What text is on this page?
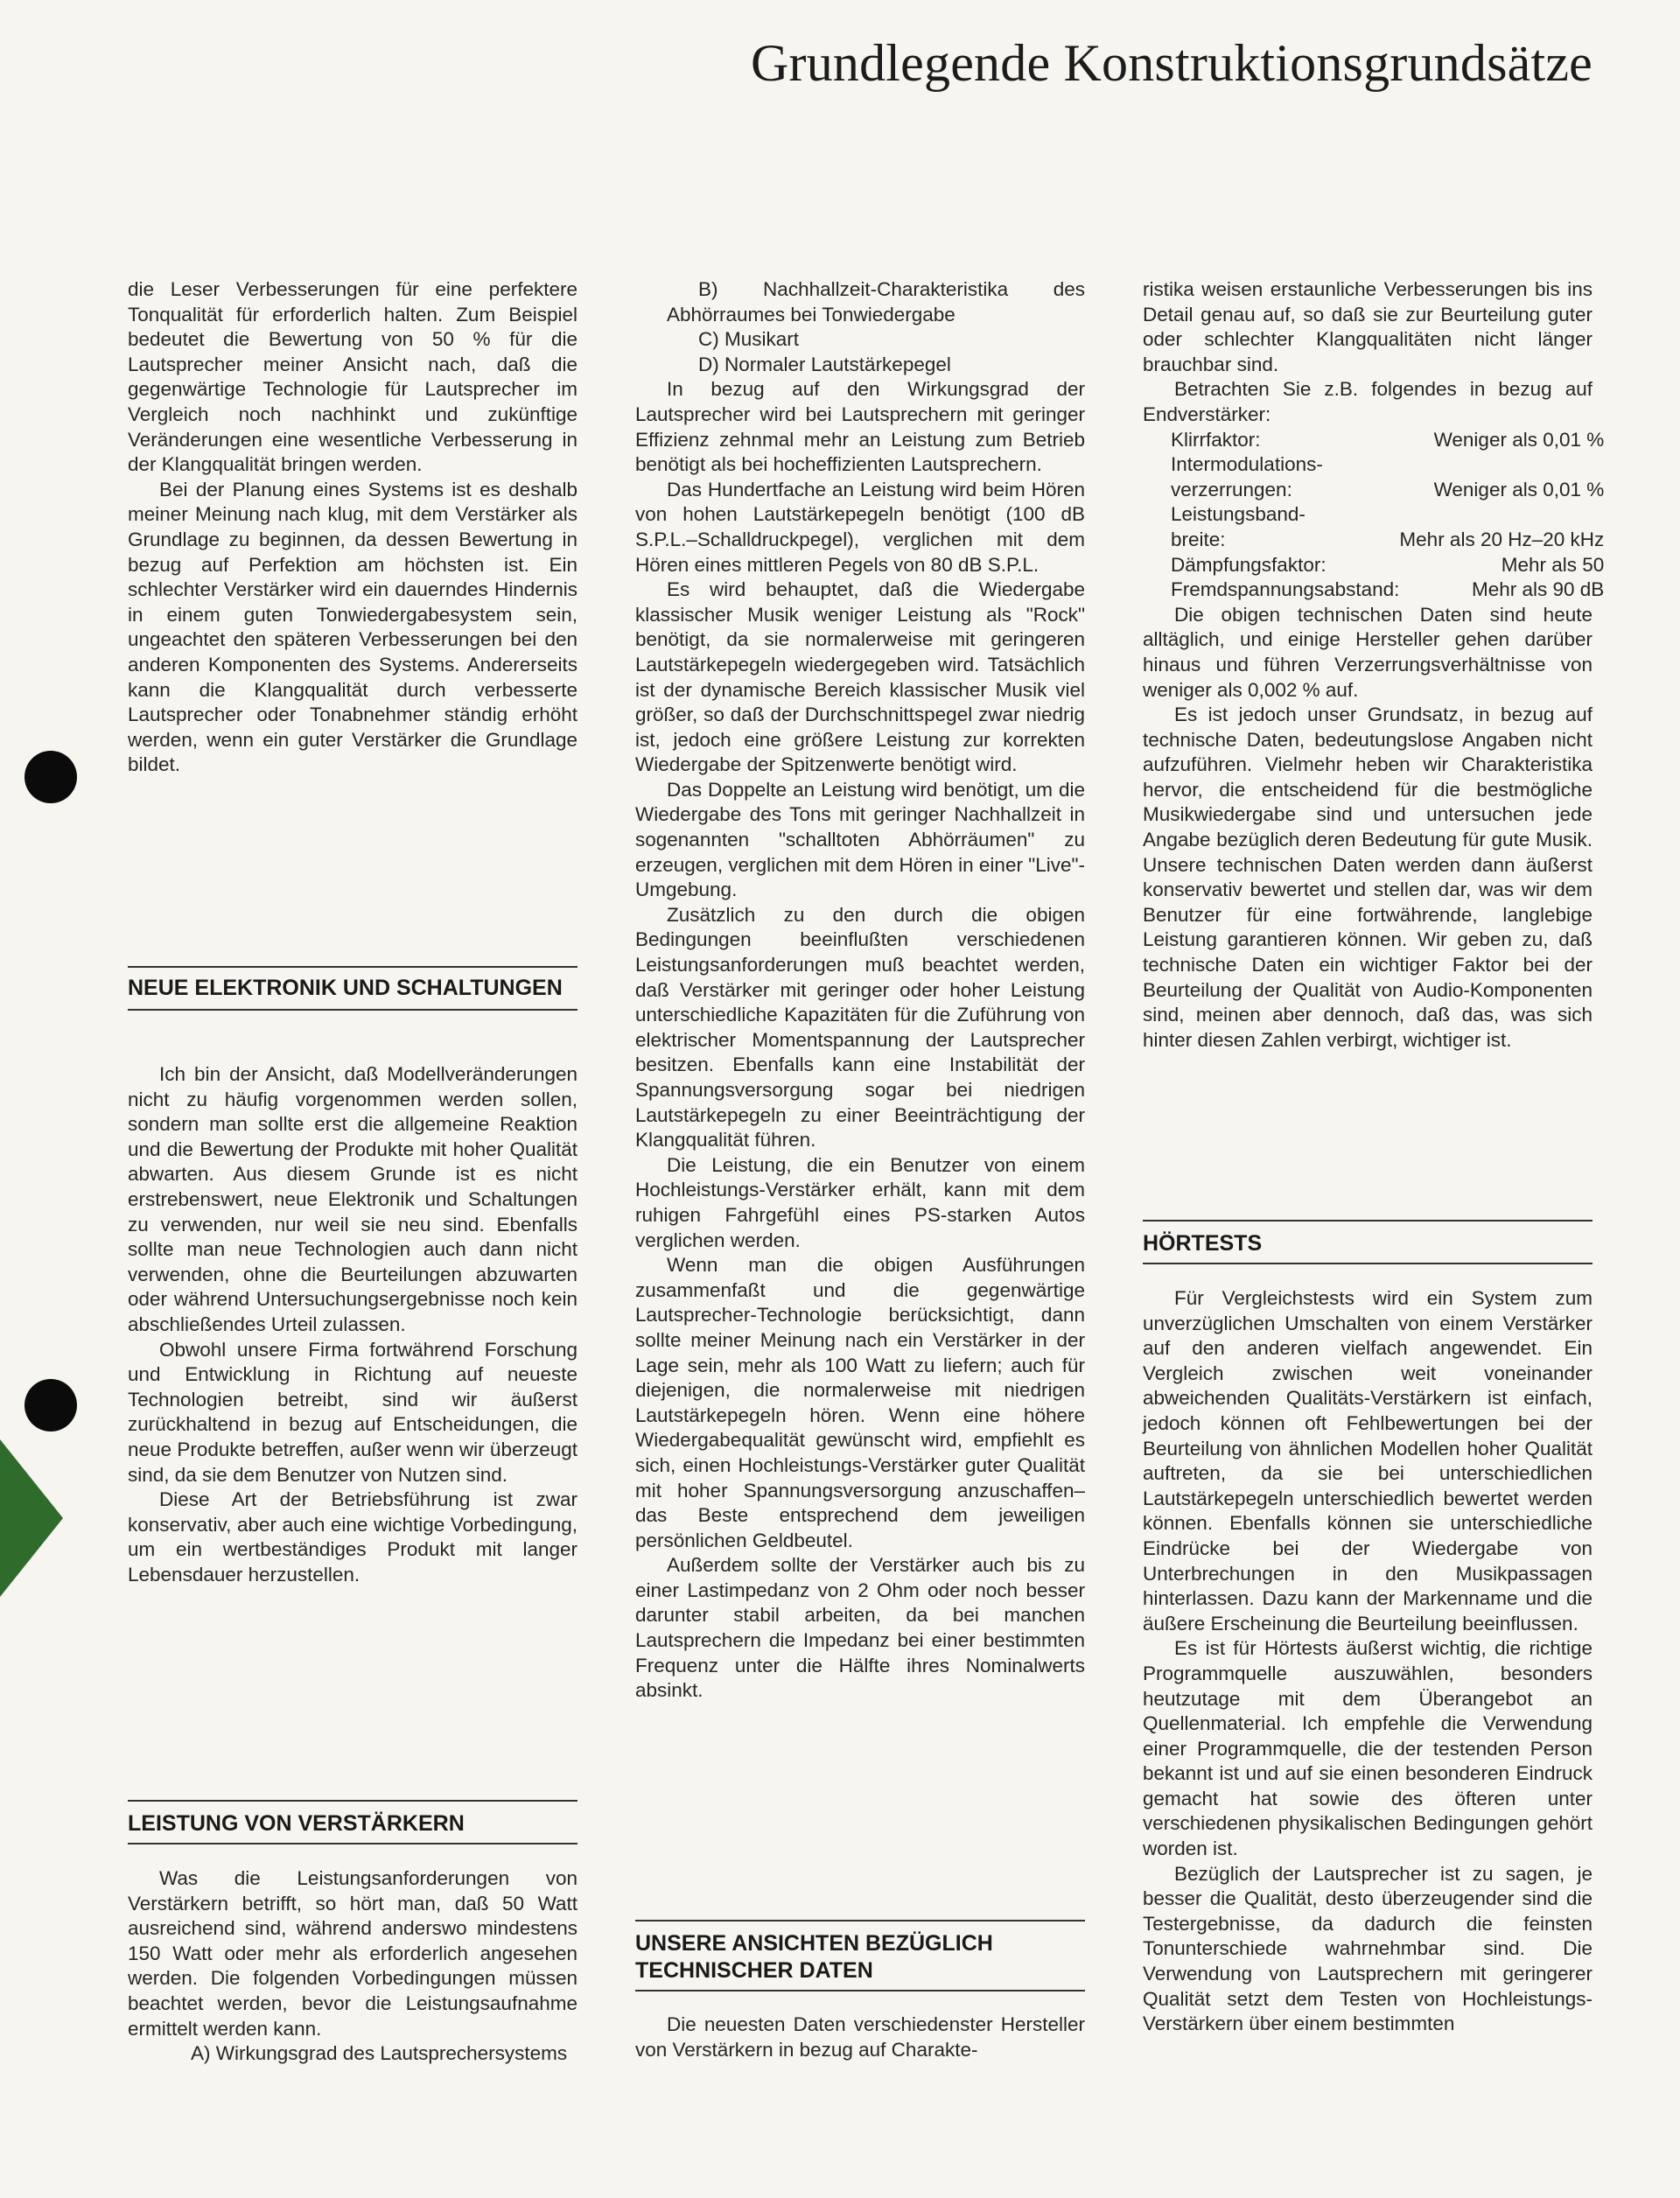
Grundlegende Konstruktionsgrundsätze

die Leser Verbesserungen für eine perfektere Tonqualität für erforderlich halten. Zum Beispiel bedeutet die Bewertung von 50 % für die Lautsprecher meiner Ansicht nach, daß die gegenwärtige Technologie für Lautsprecher im Vergleich noch nachhinkt und zukünftige Veränderungen eine wesentliche Verbesserung in der Klangqualität bringen werden.

Bei der Planung eines Systems ist es deshalb meiner Meinung nach klug, mit dem Verstärker als Grundlage zu beginnen, da dessen Bewertung in bezug auf Perfektion am höchsten ist. Ein schlechter Verstärker wird ein dauerndes Hindernis in einem guten Tonwiedergabesystem sein, ungeachtet den späteren Verbesserungen bei den anderen Komponenten des Systems. Andererseits kann die Klangqualität durch verbesserte Lautsprecher oder Tonabnehmer ständig erhöht werden, wenn ein guter Verstärker die Grundlage bildet.

NEUE ELEKTRONIK UND SCHALTUNGEN

Ich bin der Ansicht, daß Modellveränderungen nicht zu häufig vorgenommen werden sollen, sondern man sollte erst die allgemeine Reaktion und die Bewertung der Produkte mit hoher Qualität abwarten. Aus diesem Grunde ist es nicht erstrebenswert, neue Elektronik und Schaltungen zu verwenden, nur weil sie neu sind. Ebenfalls sollte man neue Technologien auch dann nicht verwenden, ohne die Beurteilungen abzuwarten oder während Untersuchungsergebnisse noch kein abschließendes Urteil zulassen.

Obwohl unsere Firma fortwährend Forschung und Entwicklung in Richtung auf neueste Technologien betreibt, sind wir äußerst zurückhaltend in bezug auf Entscheidungen, die neue Produkte betreffen, außer wenn wir überzeugt sind, da sie dem Benutzer von Nutzen sind.

Diese Art der Betriebsführung ist zwar konservativ, aber auch eine wichtige Vorbedingung, um ein wertbeständiges Produkt mit langer Lebensdauer herzustellen.

LEISTUNG VON VERSTÄRKERN

Was die Leistungsanforderungen von Verstärkern betrifft, so hört man, daß 50 Watt ausreichend sind, während anderswo mindestens 150 Watt oder mehr als erforderlich angesehen werden. Die folgenden Vorbedingungen müssen beachtet werden, bevor die Leistungsaufnahme ermittelt werden kann.

A) Wirkungsgrad des Lautsprechersystems

B) Nachhallzeit-Charakteristika des Abhörraumes bei Tonwiedergabe

C) Musikart

D) Normaler Lautstärkepegel

In bezug auf den Wirkungsgrad der Lautsprecher wird bei Lautsprechern mit geringer Effizienz zehnmal mehr an Leistung zum Betrieb benötigt als bei hocheffizienten Lautsprechern.

Das Hundertfache an Leistung wird beim Hören von hohen Lautstärkepegeln benötigt (100 dB S.P.L.–Schalldruckpegel), verglichen mit dem Hören eines mittleren Pegels von 80 dB S.P.L.

Es wird behauptet, daß die Wiedergabe klassischer Musik weniger Leistung als "Rock" benötigt, da sie normalerweise mit geringeren Lautstärkepegeln wiedergegeben wird. Tatsächlich ist der dynamische Bereich klassischer Musik viel größer, so daß der Durchschnittspegel zwar niedrig ist, jedoch eine größere Leistung zur korrekten Wiedergabe der Spitzenwerte benötigt wird.

Das Doppelte an Leistung wird benötigt, um die Wiedergabe des Tons mit geringer Nachhallzeit in sogenannten "schalltoten Abhörräumen" zu erzeugen, verglichen mit dem Hören in einer "Live"-Umgebung.

Zusätzlich zu den durch die obigen Bedingungen beeinflußten verschiedenen Leistungsanforderungen muß beachtet werden, daß Verstärker mit geringer oder hoher Leistung unterschiedliche Kapazitäten für die Zuführung von elektrischer Momentspannung der Lautsprecher besitzen. Ebenfalls kann eine Instabilität der Spannungsversorgung sogar bei niedrigen Lautstärkepegeln zu einer Beeinträchtigung der Klangqualität führen.

Die Leistung, die ein Benutzer von einem Hochleistungs-Verstärker erhält, kann mit dem ruhigen Fahrgefühl eines PS-starken Autos verglichen werden.

Wenn man die obigen Ausführungen zusammenfaßt und die gegenwärtige Lautsprecher-Technologie berücksichtigt, dann sollte meiner Meinung nach ein Verstärker in der Lage sein, mehr als 100 Watt zu liefern; auch für diejenigen, die normalerweise mit niedrigen Lautstärkepegeln hören. Wenn eine höhere Wiedergabequalität gewünscht wird, empfiehlt es sich, einen Hochleistungs-Verstärker guter Qualität mit hoher Spannungsversorgung anzuschaffen–das Beste entsprechend dem jeweiligen persönlichen Geldbeutel.

Außerdem sollte der Verstärker auch bis zu einer Lastimpedanz von 2 Ohm oder noch besser darunter stabil arbeiten, da bei manchen Lautsprechern die Impedanz bei einer bestimmten Frequenz unter die Hälfte ihres Nominalwerts absinkt.

UNSERE ANSICHTEN BEZÜGLICH TECHNISCHER DATEN

Die neuesten Daten verschiedenster Hersteller von Verstärkern in bezug auf Charakte-

ristika weisen erstaunliche Verbesserungen bis ins Detail genau auf, so daß sie zur Beurteilung guter oder schlechter Klangqualitäten nicht länger brauchbar sind.

Betrachten Sie z.B. folgendes in bezug auf Endverstärker:

Klirrfaktor:	Weniger als 0,01 %
Intermodulations-	
verzerrungen:	Weniger als 0,01 %
Leistungsband-	
breite:	Mehr als 20 Hz–20 kHz
Dämpfungsfaktor:	Mehr als 50
Fremdspannungsabstand:	Mehr als 90 dB

Die obigen technischen Daten sind heute alltäglich, und einige Hersteller gehen darüber hinaus und führen Verzerrungsverhältnisse von weniger als 0,002 % auf.

Es ist jedoch unser Grundsatz, in bezug auf technische Daten, bedeutungslose Angaben nicht aufzuführen. Vielmehr heben wir Charakteristika hervor, die entscheidend für die bestmögliche Musikwiedergabe sind und untersuchen jede Angabe bezüglich deren Bedeutung für gute Musik. Unsere technischen Daten werden dann äußerst konservativ bewertet und stellen dar, was wir dem Benutzer für eine fortwährende, langlebige Leistung garantieren können. Wir geben zu, daß technische Daten ein wichtiger Faktor bei der Beurteilung der Qualität von Audio-Komponenten sind, meinen aber dennoch, daß das, was sich hinter diesen Zahlen verbirgt, wichtiger ist.

HÖRTESTS

Für Vergleichstests wird ein System zum unverzüglichen Umschalten von einem Verstärker auf den anderen vielfach angewendet. Ein Vergleich zwischen weit voneinander abweichenden Qualitäts-Verstärkern ist einfach, jedoch können oft Fehlbewertungen bei der Beurteilung von ähnlichen Modellen hoher Qualität auftreten, da sie bei unterschiedlichen Lautstärkepegeln unterschiedlich bewertet werden können. Ebenfalls können sie unterschiedliche Eindrücke bei der Wiedergabe von Unterbrechungen in den Musikpassagen hinterlassen. Dazu kann der Markenname und die äußere Erscheinung die Beurteilung beeinflussen.

Es ist für Hörtests äußerst wichtig, die richtige Programmquelle auszuwählen, besonders heutzutage mit dem Überangebot an Quellenmaterial. Ich empfehle die Verwendung einer Programmquelle, die der testenden Person bekannt ist und auf sie einen besonderen Eindruck gemacht hat sowie des öfteren unter verschiedenen physikalischen Bedingungen gehört worden ist.

Bezüglich der Lautsprecher ist zu sagen, je besser die Qualität, desto überzeugender sind die Testergebnisse, da dadurch die feinsten Tonunterschiede wahrnehmbar sind. Die Verwendung von Lautsprechern mit geringerer Qualität setzt dem Testen von Hochleistungs-Verstärkern über einem bestimmten
